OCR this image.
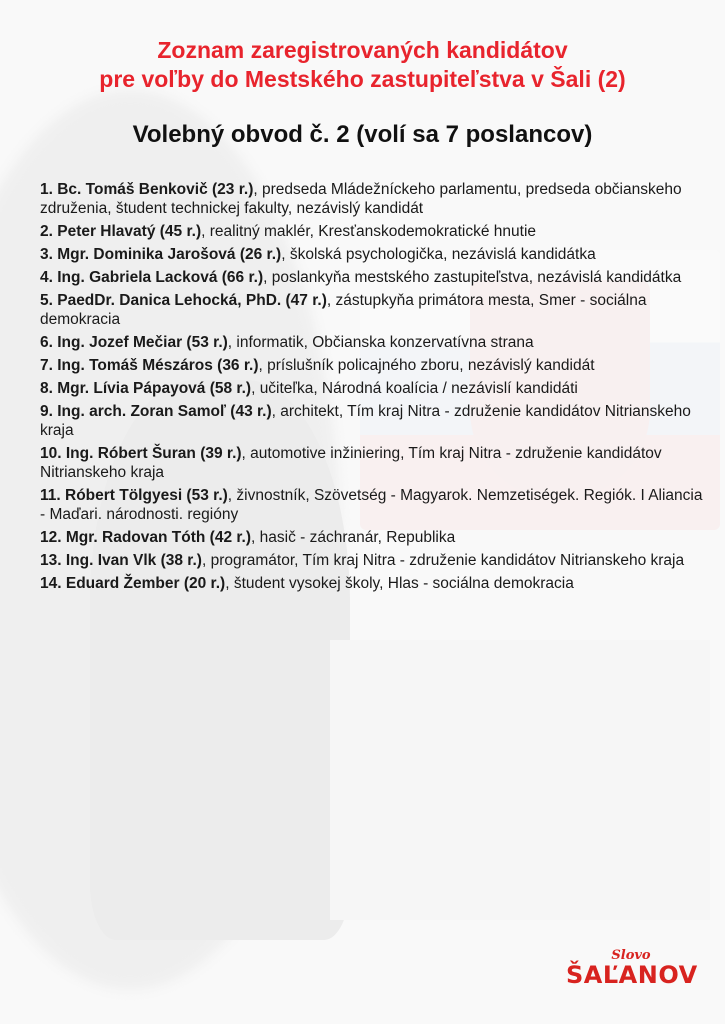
Zoznam zaregistrovaných kandidátov
pre voľby do Mestského zastupiteľstva v Šali (2)
Volebný obvod č. 2 (volí sa 7 poslancov)
1. Bc. Tomáš Benkovič (23 r.), predseda Mládežníckeho parlamentu, predseda občianskeho združenia, študent technickej fakulty, nezávislý kandidát
2. Peter Hlavatý (45 r.), realitný maklér, Kresťanskodemokratické hnutie
3. Mgr. Dominika Jarošová (26 r.), školská psychologička, nezávislá kandidátka
4. Ing. Gabriela Lacková (66 r.), poslankyňa mestského zastupiteľstva, nezávislá kandidátka
5. PaedDr. Danica Lehocká, PhD. (47 r.), zástupkyňa primátora mesta, Smer - sociálna demokracia
6. Ing. Jozef Mečiar (53 r.), informatik, Občianska konzervatívna strana
7. Ing. Tomáš Mészáros (36 r.), príslušník policajného zboru, nezávislý kandidát
8. Mgr. Lívia Pápayová (58 r.), učiteľka, Národná koalícia / nezávislí kandidáti
9. Ing. arch. Zoran Samoľ (43 r.), architekt, Tím kraj Nitra - združenie kandidátov Nitrianskeho kraja
10. Ing. Róbert Šuran (39 r.), automotive inžiniering, Tím kraj Nitra - združenie kandidátov Nitrianskeho kraja
11. Róbert Tölgyesi (53 r.), živnostník, Szövetség - Magyarok. Nemzetiségek. Regiók. I Aliancia - Maďari. národnosti. regióny
12. Mgr. Radovan Tóth (42 r.), hasič - záchranár, Republika
13. Ing. Ivan Vlk (38 r.), programátor, Tím kraj Nitra - združenie kandidátov Nitrianskeho kraja
14. Eduard Žember (20 r.), študent vysokej školy, Hlas - sociálna demokracia
Slovo
ŠAĽANOV
